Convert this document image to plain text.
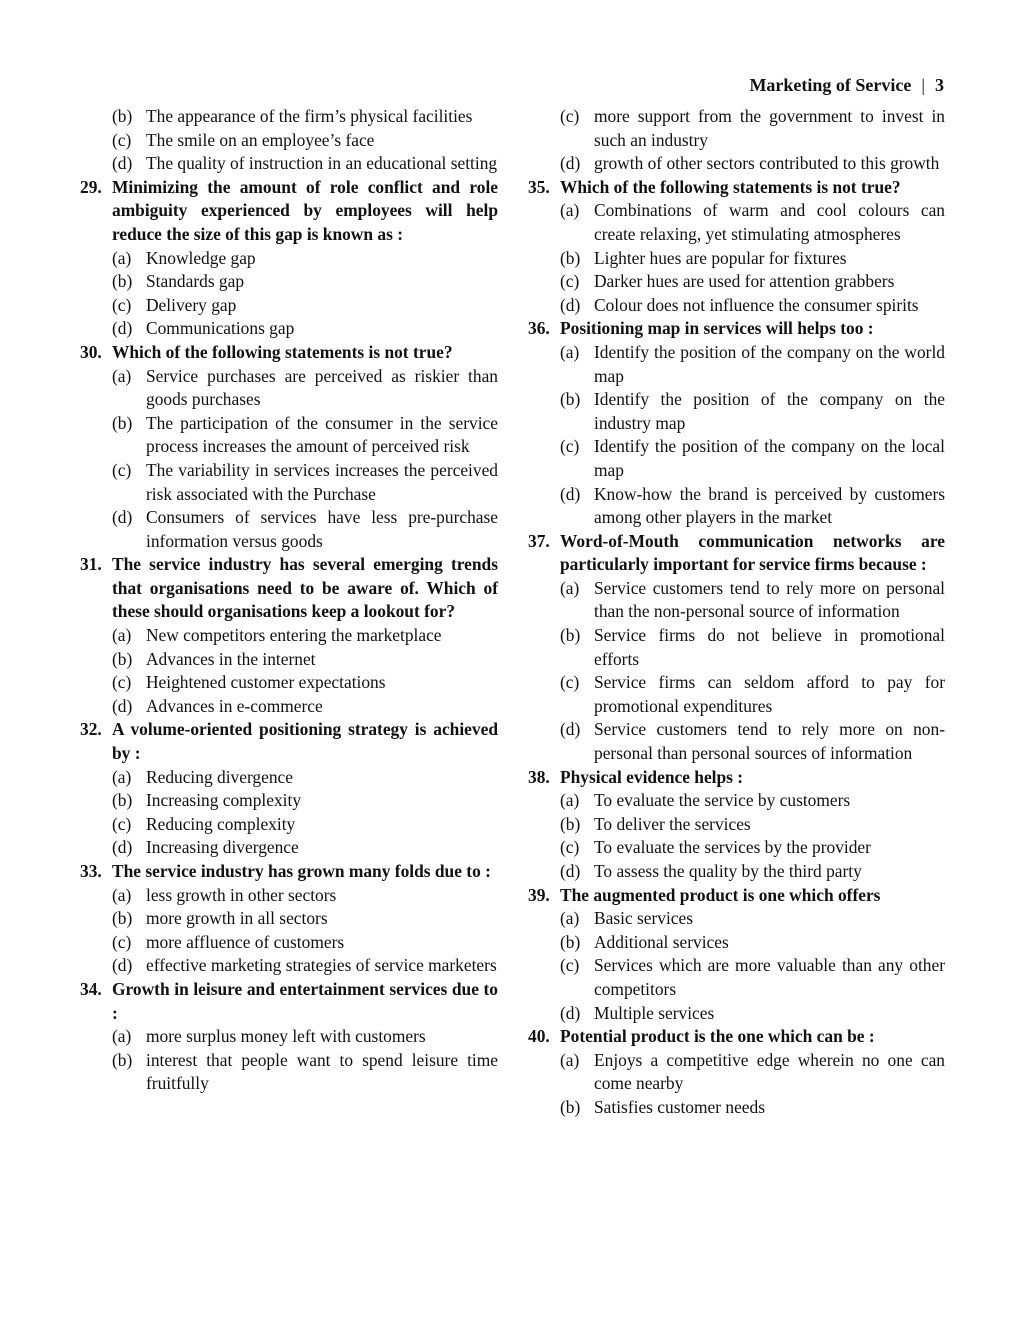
Marketing of Service | 3
(b) The appearance of the firm’s physical facilities
(c) The smile on an employee’s face
(d) The quality of instruction in an educational setting
29. Minimizing the amount of role conflict and role ambiguity experienced by employees will help reduce the size of this gap is known as :
(a) Knowledge gap
(b) Standards gap
(c) Delivery gap
(d) Communications gap
30. Which of the following statements is not true?
(a) Service purchases are perceived as riskier than goods purchases
(b) The participation of the consumer in the service process increases the amount of perceived risk
(c) The variability in services increases the perceived risk associated with the Purchase
(d) Consumers of services have less pre-purchase information versus goods
31. The service industry has several emerging trends that organisations need to be aware of. Which of these should organisations keep a lookout for?
(a) New competitors entering the marketplace
(b) Advances in the internet
(c) Heightened customer expectations
(d) Advances in e-commerce
32. A volume-oriented positioning strategy is achieved by :
(a) Reducing divergence
(b) Increasing complexity
(c) Reducing complexity
(d) Increasing divergence
33. The service industry has grown many folds due to :
(a) less growth in other sectors
(b) more growth in all sectors
(c) more affluence of customers
(d) effective marketing strategies of service marketers
34. Growth in leisure and entertainment services due to :
(a) more surplus money left with customers
(b) interest that people want to spend leisure time fruitfully
(c) more support from the government to invest in such an industry
(d) growth of other sectors contributed to this growth
35. Which of the following statements is not true?
(a) Combinations of warm and cool colours can create relaxing, yet stimulating atmospheres
(b) Lighter hues are popular for fixtures
(c) Darker hues are used for attention grabbers
(d) Colour does not influence the consumer spirits
36. Positioning map in services will helps too :
(a) Identify the position of the company on the world map
(b) Identify the position of the company on the industry map
(c) Identify the position of the company on the local map
(d) Know-how the brand is perceived by customers among other players in the market
37. Word-of-Mouth communication networks are particularly important for service firms because :
(a) Service customers tend to rely more on personal than the non-personal source of information
(b) Service firms do not believe in promotional efforts
(c) Service firms can seldom afford to pay for promotional expenditures
(d) Service customers tend to rely more on non-personal than personal sources of information
38. Physical evidence helps :
(a) To evaluate the service by customers
(b) To deliver the services
(c) To evaluate the services by the provider
(d) To assess the quality by the third party
39. The augmented product is one which offers
(a) Basic services
(b) Additional services
(c) Services which are more valuable than any other competitors
(d) Multiple services
40. Potential product is the one which can be :
(a) Enjoys a competitive edge wherein no one can come nearby
(b) Satisfies customer needs
